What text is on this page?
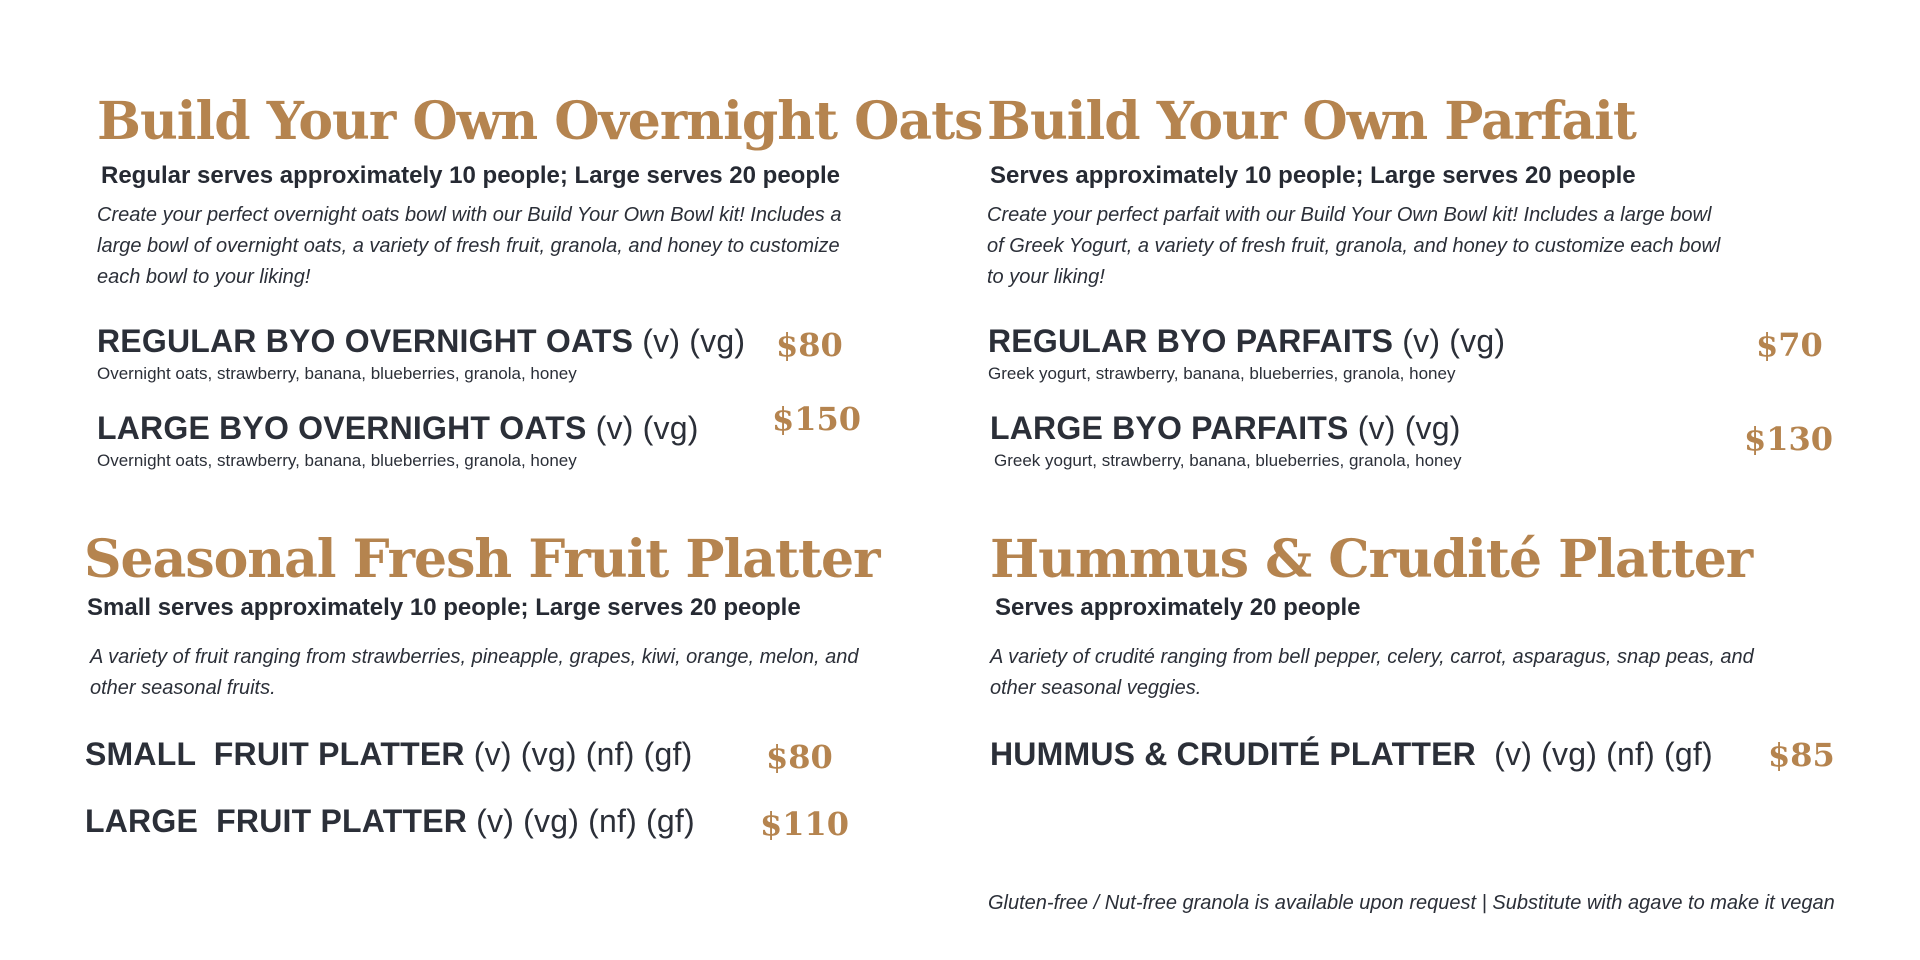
Build Your Own Overnight Oats

Regular serves approximately 10 people; Large serves 20 people

Create your perfect overnight oats bowl with our Build Your Own Bowl kit! Includes a large bowl of overnight oats, a variety of fresh fruit, granola, and honey to customize each bowl to your liking!

REGULAR BYO OVERNIGHT OATS (v) (vg)
Overnight oats, strawberry, banana, blueberries, granola, honey
$80
LARGE BYO OVERNIGHT OATS (v) (vg)
Overnight oats, strawberry, banana, blueberries, granola, honey
$150
Build Your Own Parfait

Serves approximately 10 people; Large serves 20 people

Create your perfect parfait with our Build Your Own Bowl kit! Includes a large bowl of Greek Yogurt, a variety of fresh fruit, granola, and honey to customize each bowl to your liking!

REGULAR BYO PARFAITS (v) (vg)
Greek yogurt, strawberry, banana, blueberries, granola, honey
$70
LARGE BYO PARFAITS (v) (vg)
Greek yogurt, strawberry, banana, blueberries, granola, honey
$130
Seasonal Fresh Fruit Platter

Small serves approximately 10 people; Large serves 20 people

A variety of fruit ranging from strawberries, pineapple, grapes, kiwi, orange, melon, and other seasonal fruits.

SMALL  FRUIT PLATTER (v) (vg) (nf) (gf) $80
LARGE  FRUIT PLATTER (v) (vg) (nf) (gf) $110
Hummus & Crudité Platter

Serves approximately 20 people

A variety of crudité ranging from bell pepper, celery, carrot, asparagus, snap peas, and other seasonal veggies.

HUMMUS & CRUDITÉ PLATTER (v) (vg) (nf) (gf) $85
Gluten-free / Nut-free granola is available upon request | Substitute with agave to make it vegan
